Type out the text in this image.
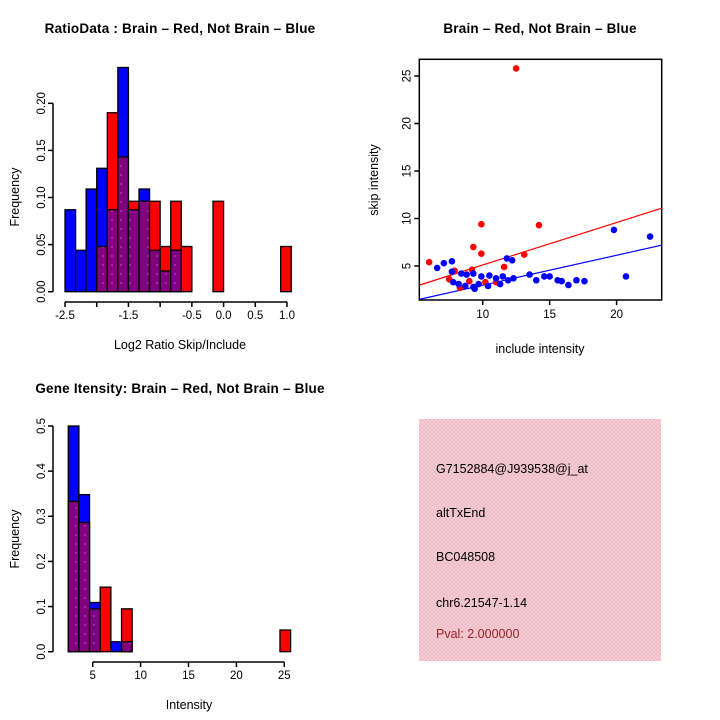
RatioData : Brain – Red, Not Brain – Blue
Frequency
-2.5	-1.5	-0.5 0.0 0.5 1.0
0.00
0.05
0.10
0.15
0.20
Log2 Ratio Skip/Include
Brain – Red, Not Brain – Blue
skip intensity
10	15	20
5
10
15
20
25
include intensity
Gene Itensity: Brain – Red, Not Brain – Blue
Frequency
5	10	15	20	25
0.0
0.1
0.2
0.3
0.4
0.5
Intensity
G7152884@J939538@j_at
altTxEnd
BC048508
chr6.21547-1.14
Pval: 2.000000
